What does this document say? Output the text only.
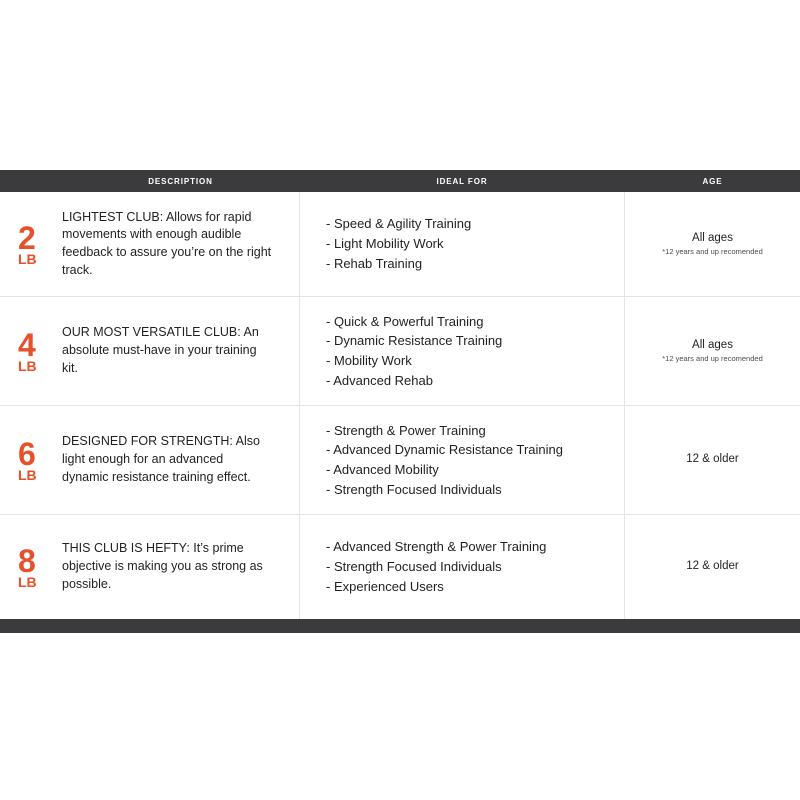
DESCRIPTION	IDEAL FOR	AGE
2
LB
LIGHTEST CLUB: Allows for rapid movements with enough audible feedback to assure you’re on the right track.
- Speed & Agility Training
- Light Mobility Work
- Rehab Training
All ages
*12 years and up recomended
4
LB
OUR MOST VERSATILE CLUB: An absolute must-have in your training kit.
- Quick & Powerful Training
- Dynamic Resistance Training
- Mobility Work
- Advanced Rehab
All ages
*12 years and up recomended
6
LB
DESIGNED FOR STRENGTH: Also light enough for an advanced dynamic resistance training effect.
- Strength & Power Training
- Advanced Dynamic Resistance Training
- Advanced Mobility
- Strength Focused Individuals
12 & older
8
LB
THIS CLUB IS HEFTY: It’s prime objective is making you as strong as possible.
- Advanced Strength & Power Training
- Strength Focused Individuals
- Experienced Users
12 & older
